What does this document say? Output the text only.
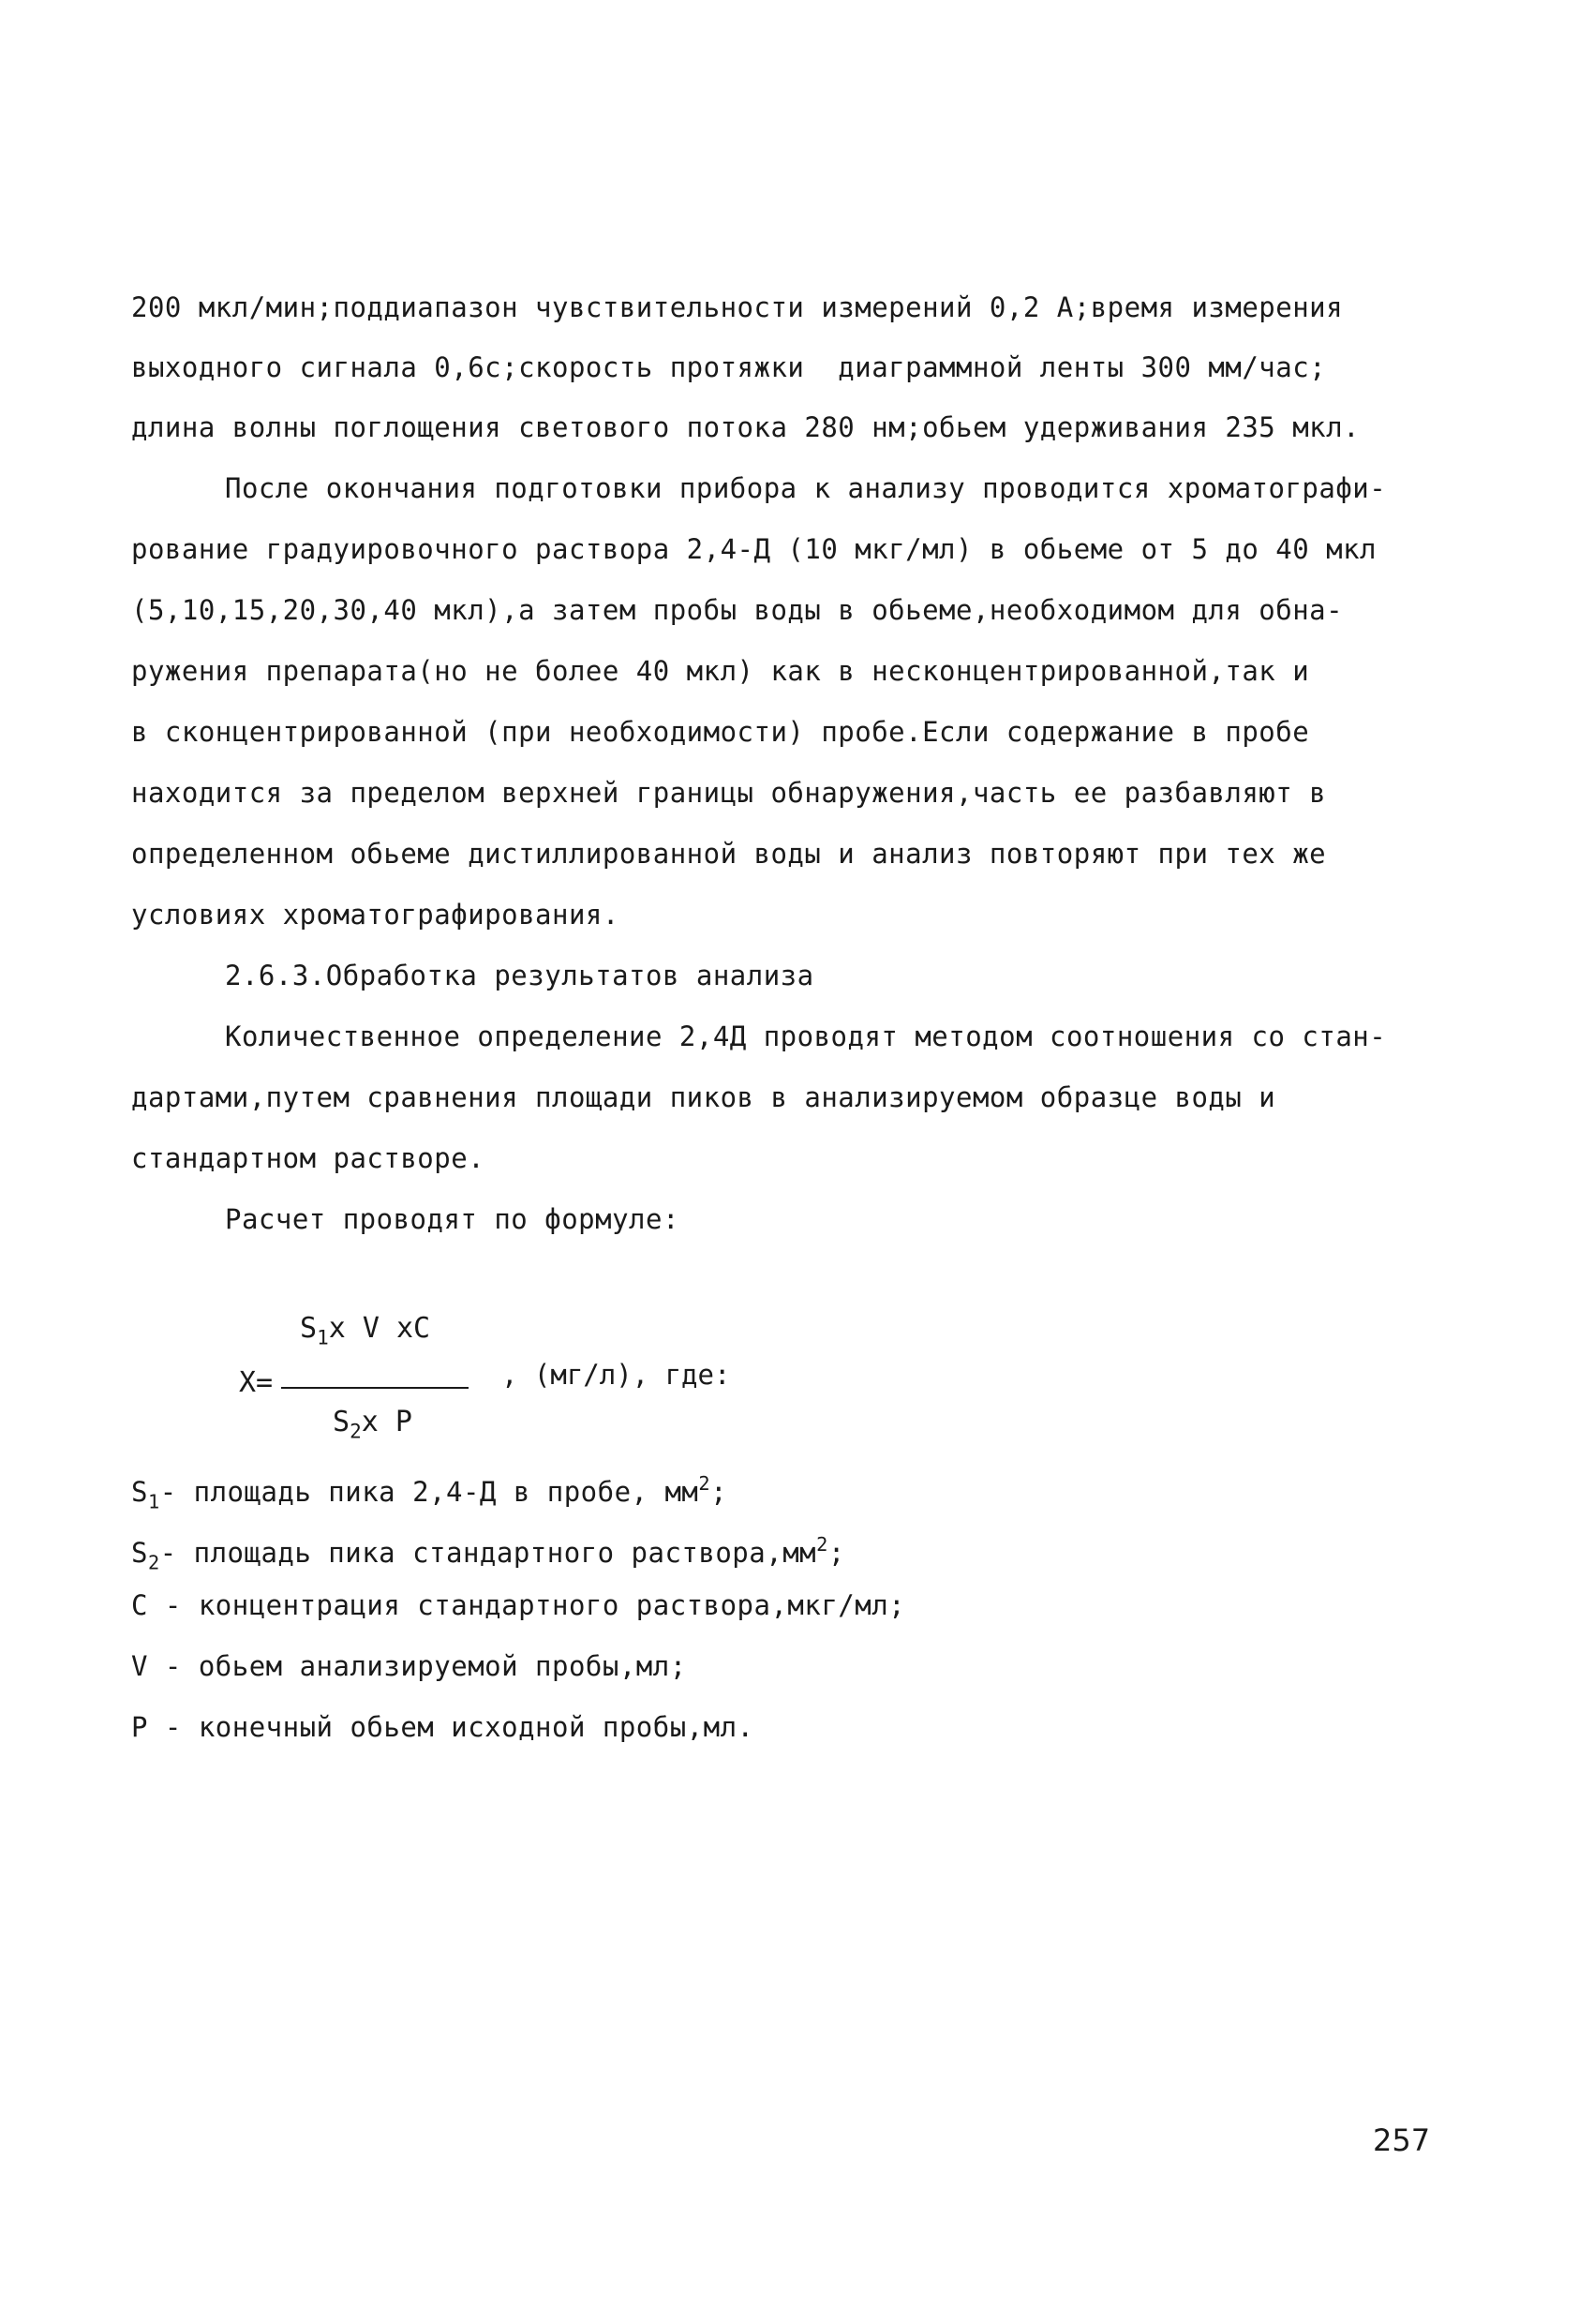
200 мкл/мин;поддиапазон чувствительности измерений 0,2 А;время измерения
выходного сигнала 0,6с;скорость протяжки  диаграммной ленты 300 мм/час;
длина волны поглощения светового потока 280 нм;обьем удерживания 235 мкл.
После окончания подготовки прибора к анализу проводится хроматографи-
рование градуировочного раствора 2,4-Д (10 мкг/мл) в обьеме от 5 до 40 мкл
(5,10,15,20,30,40 мкл),а затем пробы воды в обьеме,необходимом для обна-
ружения препарата(но не более 40 мкл) как в несконцентрированной,так и
в сконцентрированной (при необходимости) пробе.Если содержание в пробе
находится за пределом верхней границы обнаружения,часть ее разбавляют в
определенном обьеме дистиллированной воды и анализ повторяют при тех же
условиях хроматографирования.
2.6.3.Обработка результатов анализа
Количественное определение 2,4Д проводят методом соотношения со стан-
дартами,путем сравнения площади пиков в анализируемом образце воды и
стандартном растворе.
Расчет проводят по формуле:
$S_1x$ V xC
X=
$S_2x$ P
, (мг/л), где:
$S_1-$ площадь пика 2,4-Д в пробе, $мм^2$;
$S_2-$ площадь пика стандартного $раствора,мм^2$;
С - концентрация стандартного раствора,мкг/мл;
V - обьем анализируемой пробы,мл;
Р - конечный обьем исходной пробы,мл.
257
